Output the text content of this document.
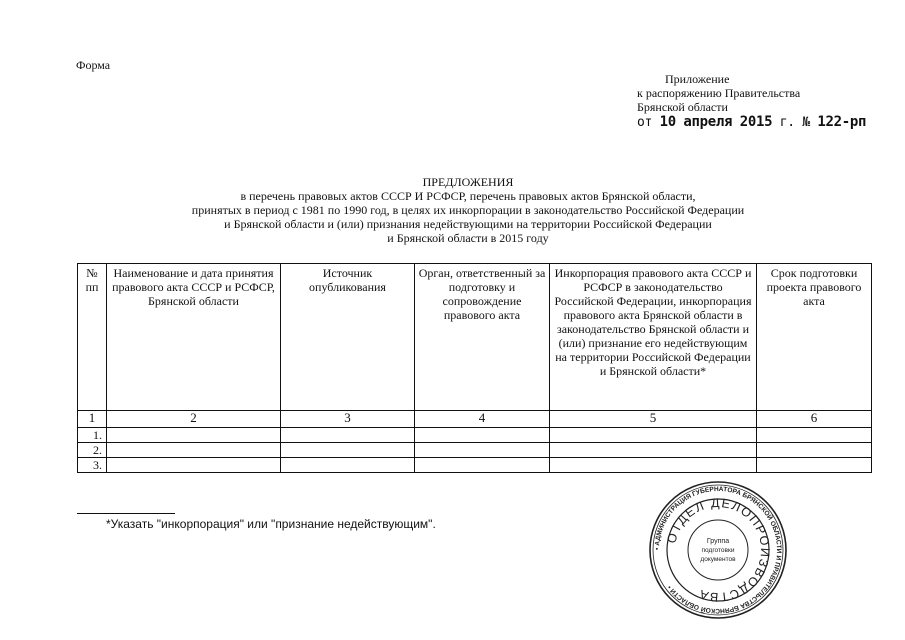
Форма
Приложение
к распоряжению Правительства
Брянской области
от 10 апреля 2015 г. № 122-рп
ПРЕДЛОЖЕНИЯ
в перечень правовых актов СССР И РСФСР, перечень правовых актов Брянской области,
принятых в период с 1981 по 1990 год, в целях их инкорпорации в законодательство Российской Федерации
и Брянской области и (или) признания недействующими на территории Российской Федерации
и Брянской области в 2015 году
№ пп	Наименование и дата принятия правового акта СССР и РСФСР, Брянской области	Источник опубликования	Орган, ответственный за подготовку и сопровождение правового акта	Инкорпорация правового акта СССР и РСФСР в законодательство Российской Федерации, инкорпорация правового акта Брянской области в законодательство Брянской области и (или) признание его недействующим на территории Российской Федерации и Брянской области*	Срок подготовки проекта правового акта
1	2	3	4	5	6
1.					
2.					
3.					
*Указать "инкорпорация" или "признание недействующим".
• АДМИНИСТРАЦИЯ ГУБЕРНАТОРА БРЯНСКОЙ ОБЛАСТИ И ПРАВИТЕЛЬСТВА БРЯНСКОЙ ОБЛАСТИ •
ОТДЕЛ ДЕЛОПРОИЗВОДСТВА
Группа
подготовки
документов
